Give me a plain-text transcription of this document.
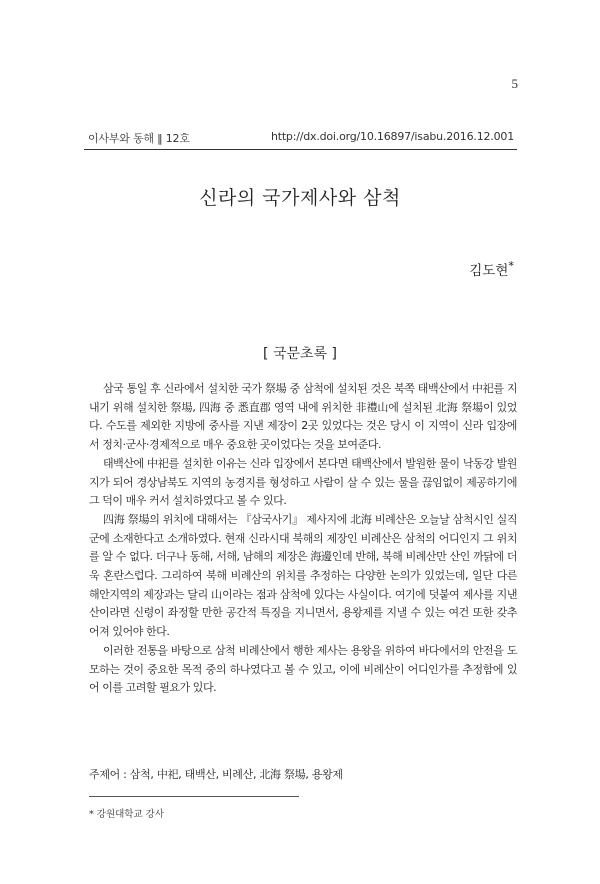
5
이사부와 동해 ‖ 12호	http://dx.doi.org/10.16897/isabu.2016.12.001
신라의 국가제사와 삼척
김도현*
[ 국문초록 ]

삼국 통일 후 신라에서 설치한 국가 祭場 중 삼척에 설치된 것은 북쪽 태백산에서 中祀를 지내기 위해 설치한 祭場, 四海 중 悉直郡 영역 내에 위치한 非禮山에 설치된 北海 祭場이 있었다. 수도를 제외한 지방에 중사를 지낸 제장이 2곳 있었다는 것은 당시 이 지역이 신라 입장에서 정치·군사·경제적으로 매우 중요한 곳이었다는 것을 보여준다.

태백산에 中祀를 설치한 이유는 신라 입장에서 본다면 태백산에서 발원한 물이 낙동강 발원지가 되어 경상남북도 지역의 농경지를 형성하고 사람이 살 수 있는 물을 끊임없이 제공하기에 그 덕이 매우 커서 설치하였다고 볼 수 있다.

四海 祭場의 위치에 대해서는 『삼국사기』 제사지에 北海 비례산은 오늘날 삼척시인 실직군에 소재한다고 소개하였다. 현재 신라시대 북해의 제장인 비례산은 삼척의 어디인지 그 위치를 알 수 없다. 더구나 동해, 서해, 남해의 제장은 海邊인데 반해, 북해 비례산만 산인 까닭에 더욱 혼란스럽다. 그리하여 북해 비례산의 위치를 추정하는 다양한 논의가 있었는데, 일단 다른 해안지역의 제장과는 달리 山이라는 점과 삼척에 있다는 사실이다. 여기에 덧붙여 제사를 지낸 산이라면 신령이 좌정할 만한 공간적 특징을 지니면서, 용왕제를 지낼 수 있는 여건 또한 갖추어져 있어야 한다.

이러한 전통을 바탕으로 삼척 비례산에서 행한 제사는 용왕을 위하여 바다에서의 안전을 도모하는 것이 중요한 목적 중의 하나였다고 볼 수 있고, 이에 비례산이 어디인가를 추정함에 있어 이를 고려할 필요가 있다.

주제어 : 삼척, 中祀, 태백산, 비례산, 北海 祭場, 용왕제
* 강원대학교 강사
